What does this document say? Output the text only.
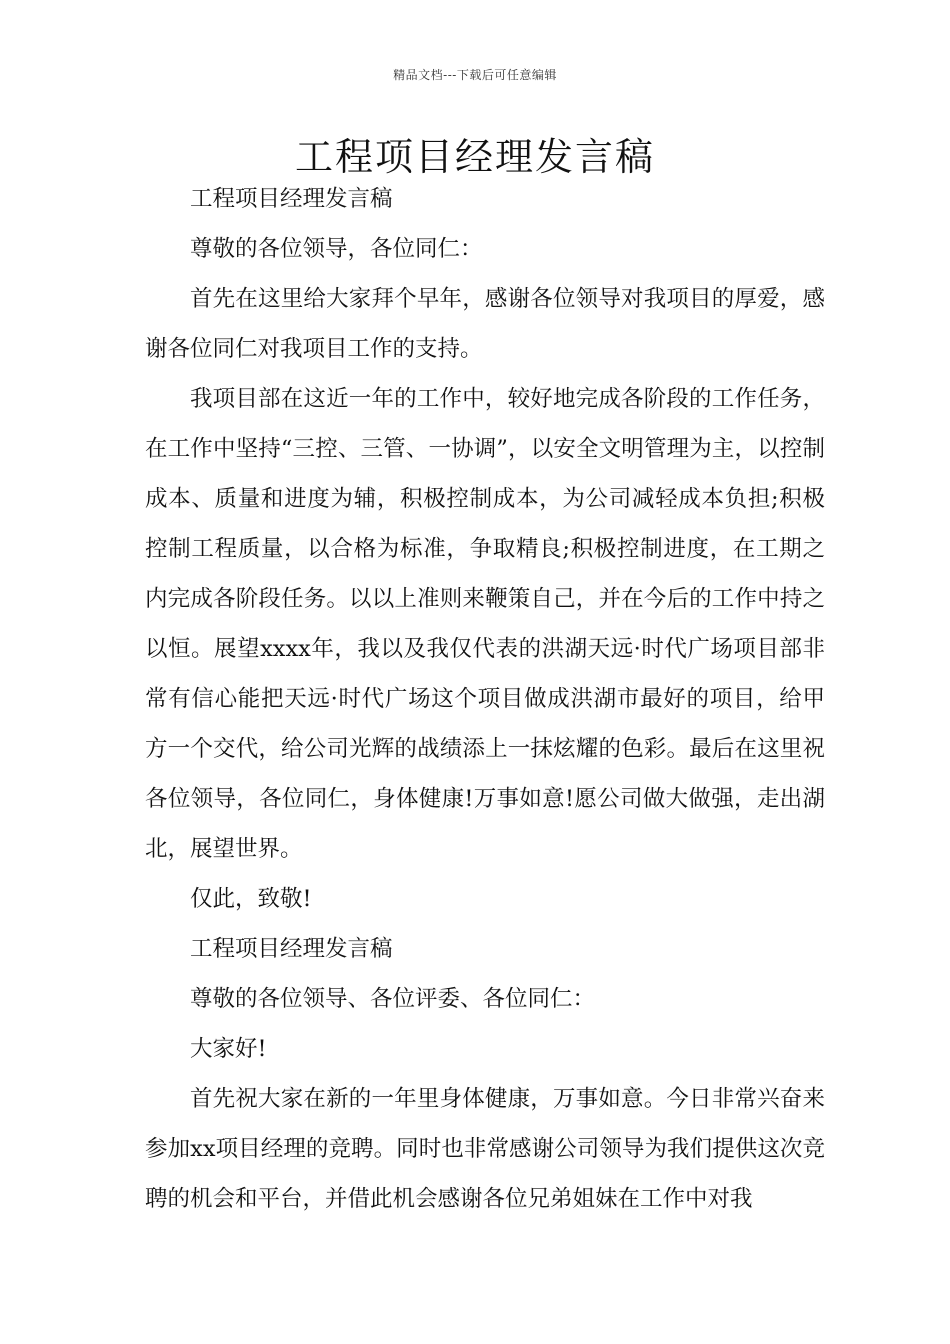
精品文档---下载后可任意编辑
工程项目经理发言稿

工程项目经理发言稿

尊敬的各位领导，各位同仁：

首先在这里给大家拜个早年，感谢各位领导对我项目的厚爱，感谢各位同仁对我项目工作的支持。

我项目部在这近一年的工作中，较好地完成各阶段的工作任务，在工作中坚持“三控、三管、一协调”，以安全文明管理为主，以控制成本、质量和进度为辅，积极控制成本，为公司减轻成本负担;积极控制工程质量，以合格为标准，争取精良;积极控制进度，在工期之内完成各阶段任务。以以上准则来鞭策自己，并在今后的工作中持之以恒。展望xxxx年，我以及我仅代表的洪湖天远·时代广场项目部非常有信心能把天远·时代广场这个项目做成洪湖市最好的项目，给甲方一个交代，给公司光辉的战绩添上一抹炫耀的色彩。最后在这里祝各位领导，各位同仁，身体健康!万事如意!愿公司做大做强，走出湖北，展望世界。

仅此，致敬!

工程项目经理发言稿

尊敬的各位领导、各位评委、各位同仁：

大家好!

首先祝大家在新的一年里身体健康，万事如意。今日非常兴奋来参加xx项目经理的竞聘。同时也非常感谢公司领导为我们提供这次竞聘的机会和平台，并借此机会感谢各位兄弟姐妹在工作中对我
